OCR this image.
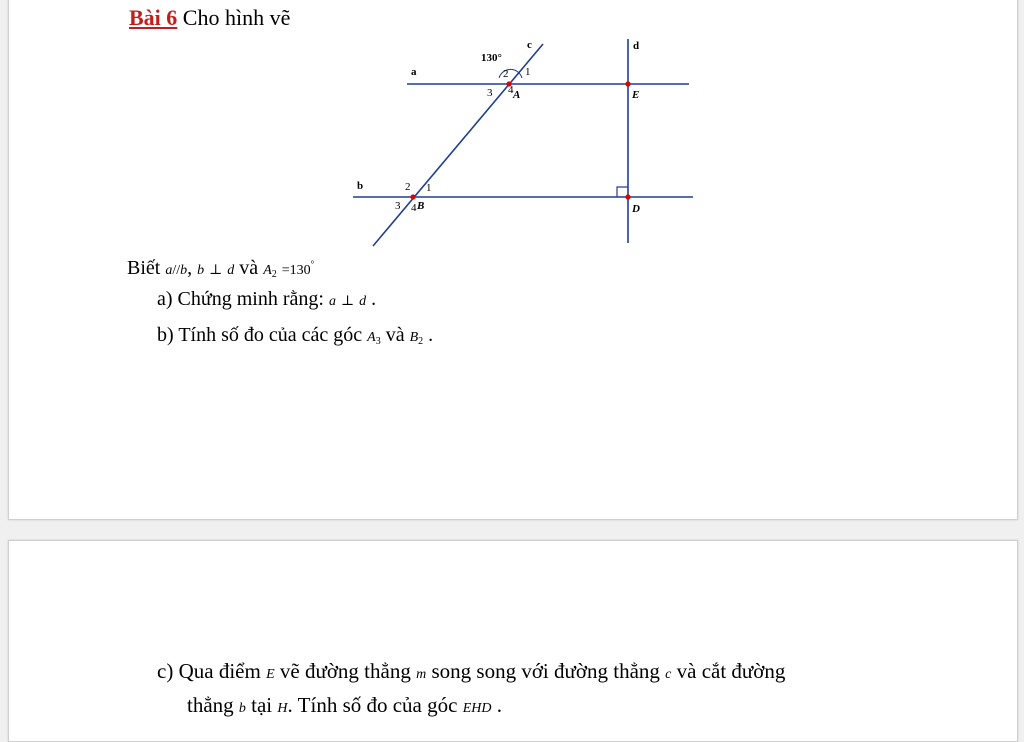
Bài 6 Cho hình vẽ
130°
c	d
a
b
2 1
3 4 A	E
2 1
3 4 B	D
Biết a//b, b ⊥ d và $A_2 =130^\circ$
a) Chứng minh rằng: a ⊥ d .
b) Tính số đo của các góc $A_3$ và $B_2$ .
c) Qua điểm E vẽ đường thẳng m song song với đường thẳng c và cắt đường
thẳng b tại H. Tính số đo của góc EHD .
